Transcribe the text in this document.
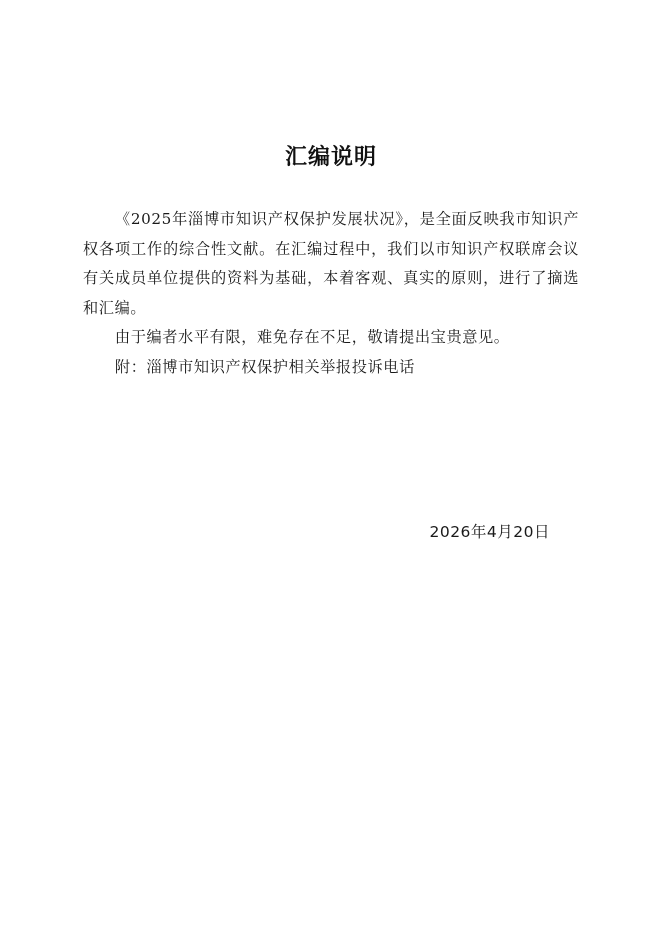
汇编说明

《2025年淄博市知识产权保护发展状况》，是全面反映我市知识产权各项工作的综合性文献。在汇编过程中，我们以市知识产权联席会议有关成员单位提供的资料为基础，本着客观、真实的原则，进行了摘选和汇编。

由于编者水平有限，难免存在不足，敬请提出宝贵意见。

附：淄博市知识产权保护相关举报投诉电话

2026年4月20日
